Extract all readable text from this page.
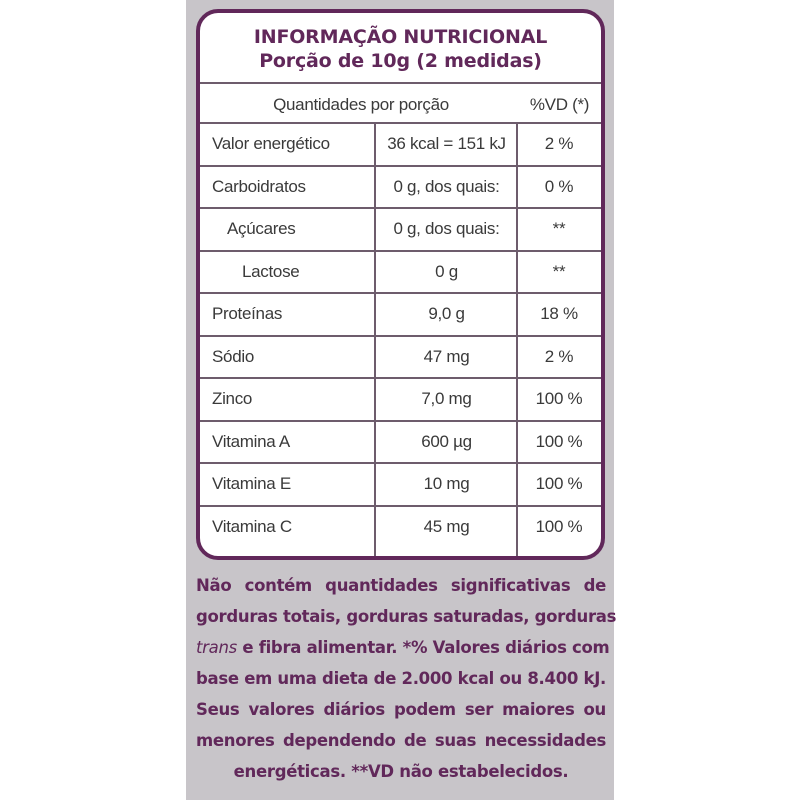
INFORMAÇÃO NUTRICIONAL
Porção de 10g (2 medidas)
Quantidades por porção	%VD (*)
Valor energético	36 kcal = 151 kJ	2 %
Carboidratos	0 g, dos quais:	0 %
Açúcares	0 g, dos quais:	**
Lactose	0 g	**
Proteínas	9,0 g	18 %
Sódio	47 mg	2 %
Zinco	7,0 mg	100 %
Vitamina A	600 µg	100 %
Vitamina E	10 mg	100 %
Vitamina C	45 mg	100 %
Não contém quantidades significativas de
gorduras totais, gorduras saturadas, gorduras
trans e fibra alimentar. *% Valores diários com
base em uma dieta de 2.000 kcal ou 8.400 kJ.
Seus valores diários podem ser maiores ou
menores dependendo de suas necessidades
energéticas. **VD não estabelecidos.
